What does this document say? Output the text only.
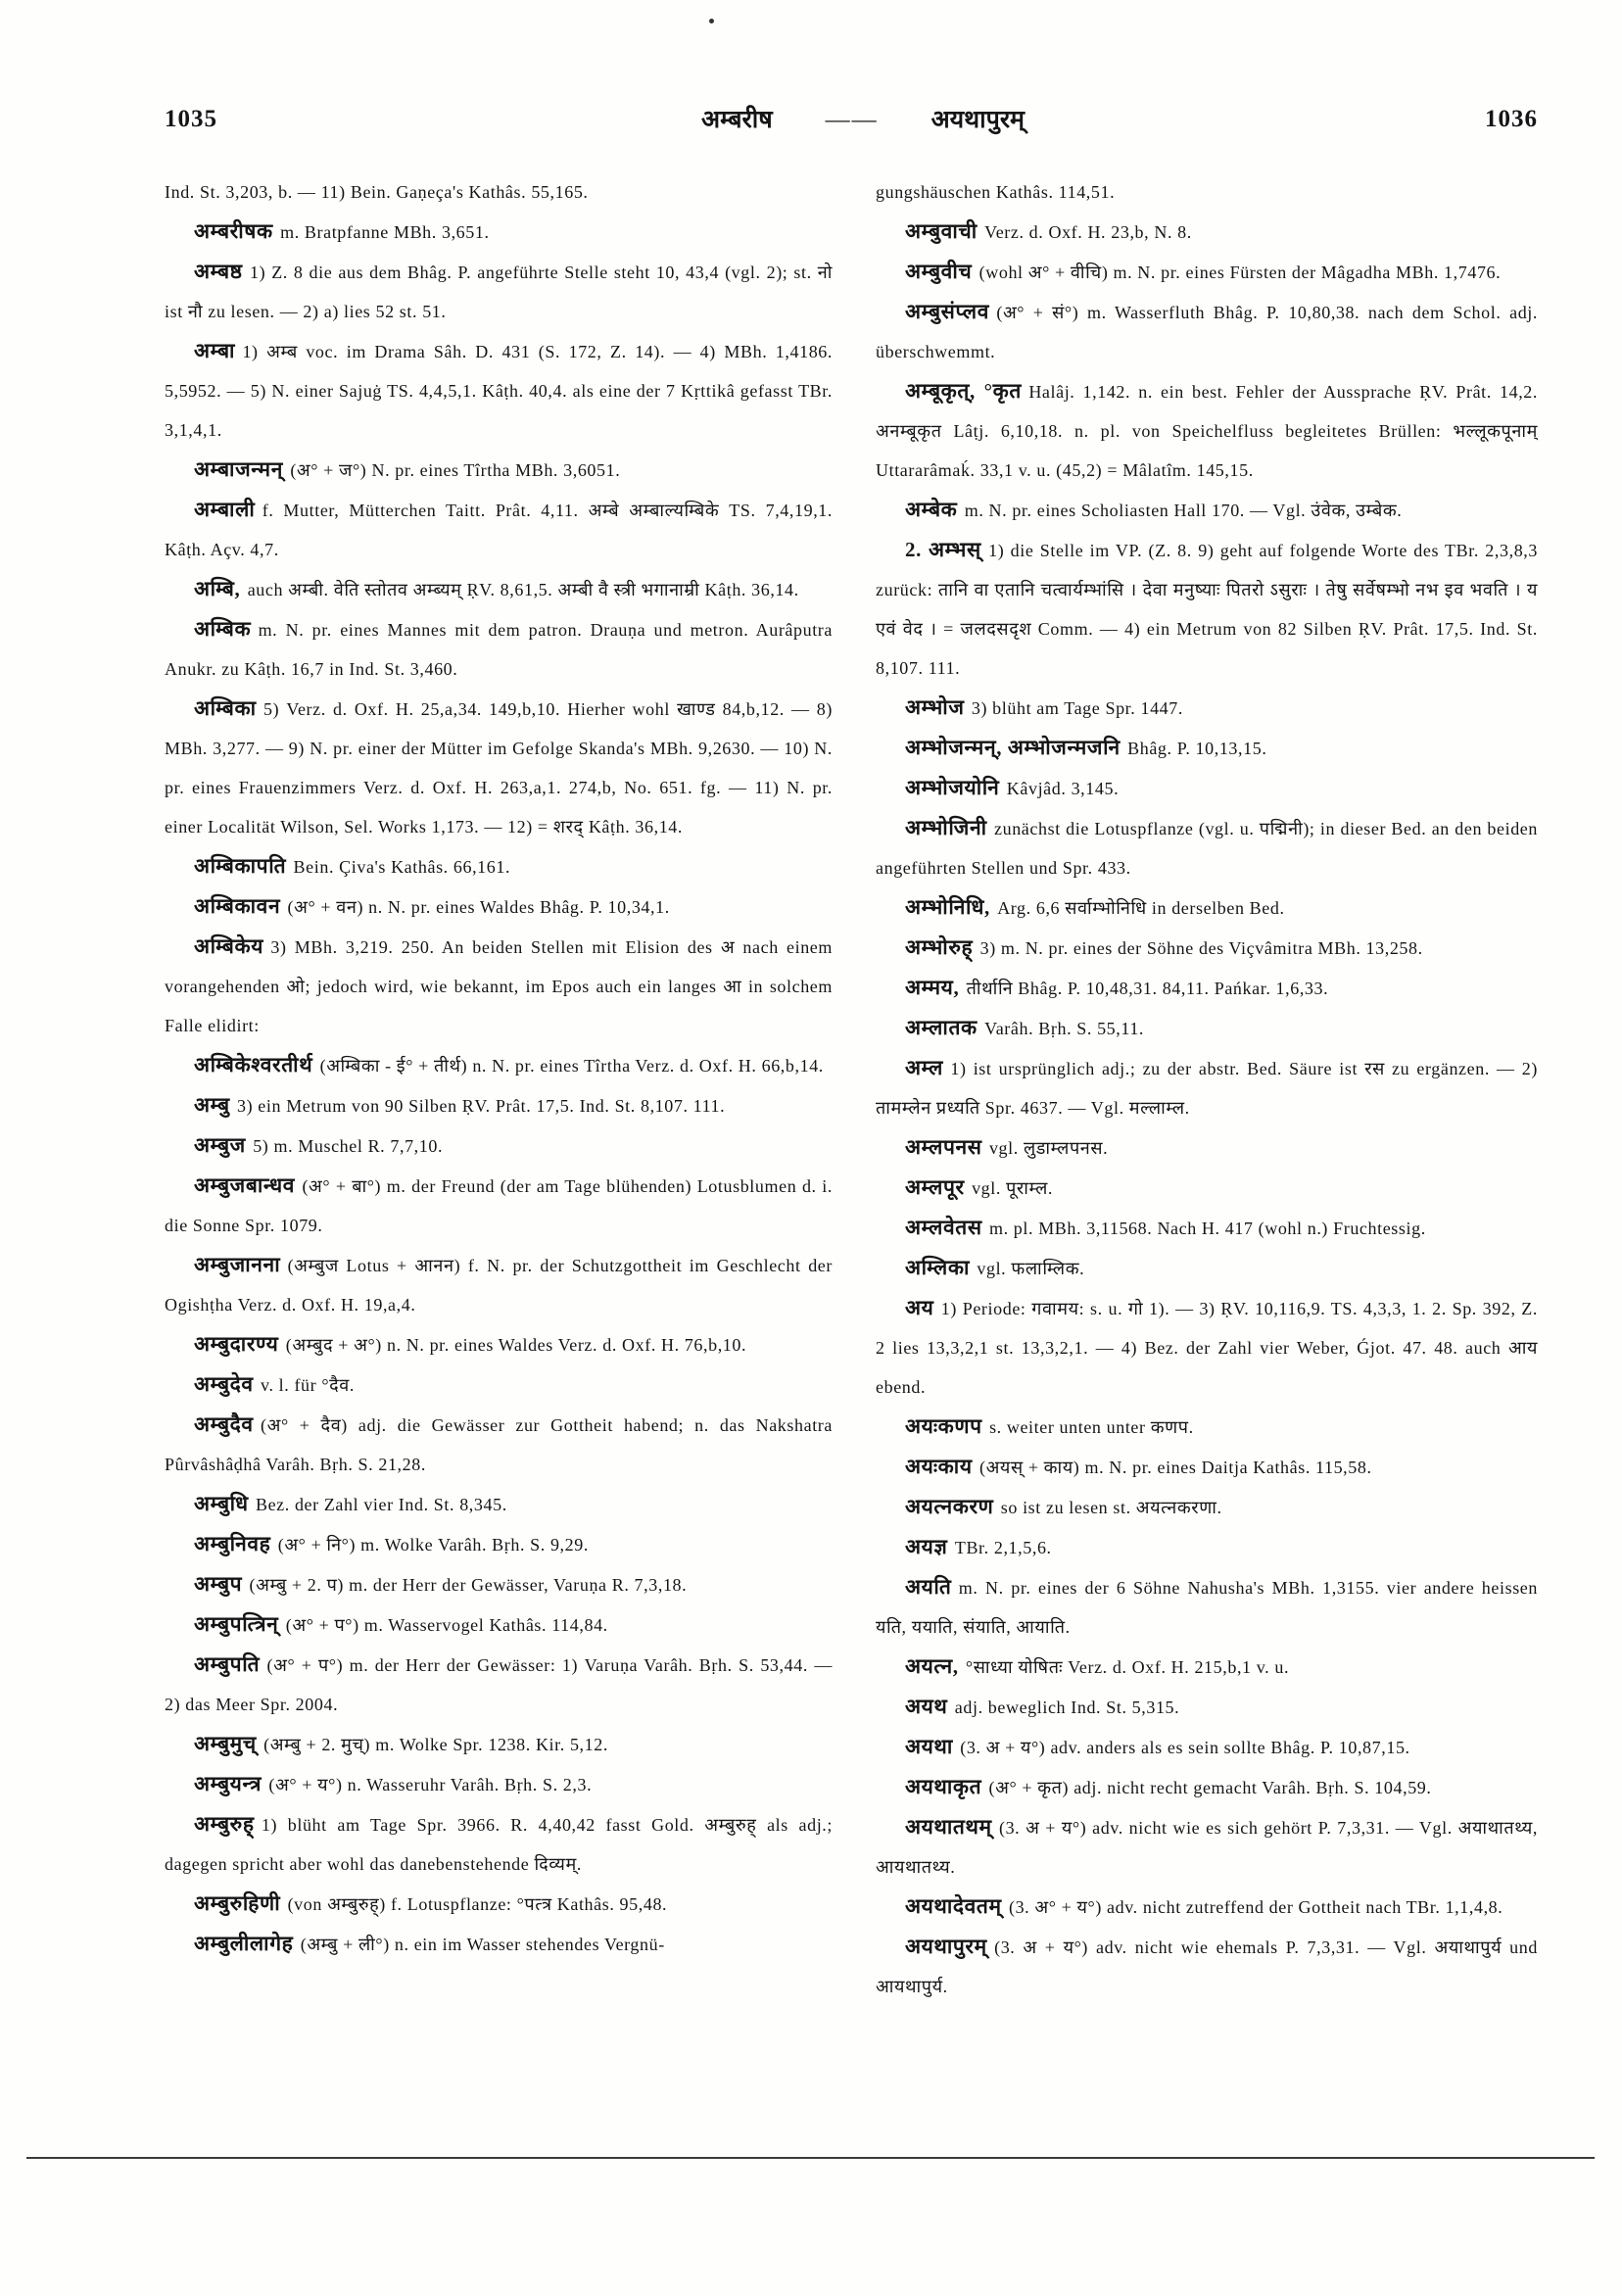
1035	अम्बरीष —— अयथापुरम्	1036

Ind. St. 3,203, b. — 11) Bein. Gaṇeça's Kathâs. 55,165.

अम्बरीषक m. Bratpfanne MBh. 3,651.

अम्बष्ठ 1) Z. 8 die aus dem Bhâg. P. angeführte Stelle steht 10, 43,4 (vgl. 2); st. नो ist नौ zu lesen. — 2) a) lies 52 st. 51.

अम्बा 1) अम्ब voc. im Drama Sâh. D. 431 (S. 172, Z. 14). — 4) MBh. 1,4186. 5,5952. — 5) N. einer Sajuġ TS. 4,4,5,1. Kâṭh. 40,4. als eine der 7 Kṛttikâ gefasst TBr. 3,1,4,1.

अम्बाजन्मन् (अ° + ज°) N. pr. eines Tîrtha MBh. 3,6051.

अम्बाली f. Mutter, Mütterchen Taitt. Prât. 4,11. अम्बे अम्बाल्यम्बिके TS. 7,4,19,1. Kâṭh. Açv. 4,7.

अम्बि, auch अम्बी. वेति स्तोतव अम्ब्यम् ṚV. 8,61,5. अम्बी वै स्त्री भगानाम्री Kâṭh. 36,14.

अम्बिक m. N. pr. eines Mannes mit dem patron. Drauṇa und metron. Aurâputra Anukr. zu Kâṭh. 16,7 in Ind. St. 3,460.

अम्बिका 5) Verz. d. Oxf. H. 25,a,34. 149,b,10. Hierher wohl खाण्ड 84,b,12. — 8) MBh. 3,277. — 9) N. pr. einer der Mütter im Gefolge Skanda's MBh. 9,2630. — 10) N. pr. eines Frauenzimmers Verz. d. Oxf. H. 263,a,1. 274,b, No. 651. fg. — 11) N. pr. einer Localität Wilson, Sel. Works 1,173. — 12) = शरद् Kâṭh. 36,14.

अम्बिकापति Bein. Çiva's Kathâs. 66,161.

अम्बिकावन (अ° + वन) n. N. pr. eines Waldes Bhâg. P. 10,34,1.

अम्बिकेय 3) MBh. 3,219. 250. An beiden Stellen mit Elision des अ nach einem vorangehenden ओ; jedoch wird, wie bekannt, im Epos auch ein langes आ in solchem Falle elidirt:

अम्बिकेश्वरतीर्थ (अम्बिका - ई° + तीर्थ) n. N. pr. eines Tîrtha Verz. d. Oxf. H. 66,b,14.

अम्बु 3) ein Metrum von 90 Silben ṚV. Prât. 17,5. Ind. St. 8,107. 111.

अम्बुज 5) m. Muschel R. 7,7,10.

अम्बुजबान्धव (अ° + बा°) m. der Freund (der am Tage blühenden) Lotusblumen d. i. die Sonne Spr. 1079.

अम्बुजानना (अम्बुज Lotus + आनन) f. N. pr. der Schutzgottheit im Geschlecht der Ogishṭha Verz. d. Oxf. H. 19,a,4.

अम्बुदारण्य (अम्बुद + अ°) n. N. pr. eines Waldes Verz. d. Oxf. H. 76,b,10.

अम्बुदेव v. l. für °दैव.

अम्बुदैव (अ° + दैव) adj. die Gewässer zur Gottheit habend; n. das Nakshatra Pûrvâshâḍhâ Varâh. Bṛh. S. 21,28.

अम्बुधि Bez. der Zahl vier Ind. St. 8,345.

अम्बुनिवह (अ° + नि°) m. Wolke Varâh. Bṛh. S. 9,29.

अम्बुप (अम्बु + 2. प) m. der Herr der Gewässer, Varuṇa R. 7,3,18.

अम्बुपत्त्रिन् (अ° + प°) m. Wasservogel Kathâs. 114,84.

अम्बुपति (अ° + प°) m. der Herr der Gewässer: 1) Varuṇa Varâh. Bṛh. S. 53,44. — 2) das Meer Spr. 2004.

अम्बुमुच् (अम्बु + 2. मुच्) m. Wolke Spr. 1238. Kir. 5,12.

अम्बुयन्त्र (अ° + य°) n. Wasseruhr Varâh. Bṛh. S. 2,3.

अम्बुरुह् 1) blüht am Tage Spr. 3966. R. 4,40,42 fasst Gold. अम्बुरुह् als adj.; dagegen spricht aber wohl das danebenstehende दिव्यम्.

अम्बुरुहिणी (von अम्बुरुह्) f. Lotuspflanze: °पत्त्र Kathâs. 95,48.

अम्बुलीलागेह (अम्बु + ली°) n. ein im Wasser stehendes Vergnü-

gungshäuschen Kathâs. 114,51.

अम्बुवाची Verz. d. Oxf. H. 23,b, N. 8.

अम्बुवीच (wohl अ° + वीचि) m. N. pr. eines Fürsten der Mâgadha MBh. 1,7476.

अम्बुसंप्लव (अ° + सं°) m. Wasserfluth Bhâg. P. 10,80,38. nach dem Schol. adj. überschwemmt.

अम्बूकृत्, °कृत Halâj. 1,142. n. ein best. Fehler der Aussprache ṚV. Prât. 14,2. अनम्बूकृत Lâṭj. 6,10,18. n. pl. von Speichelfluss begleitetes Brüllen: भल्लूकपूनाम् Uttararâmaḱ. 33,1 v. u. (45,2) = Mâlatîm. 145,15.

अम्बेक m. N. pr. eines Scholiasten Hall 170. — Vgl. उंवेक, उम्बेक.

2. अम्भस् 1) die Stelle im VP. (Z. 8. 9) geht auf folgende Worte des TBr. 2,3,8,3 zurück: तानि वा एतानि चत्वार्यम्भांसि । देवा मनुष्याः पितरो ऽसुराः । तेषु सर्वेषम्भो नभ इव भवति । य एवं वेद । = जलदसदृश Comm. — 4) ein Metrum von 82 Silben ṚV. Prât. 17,5. Ind. St. 8,107. 111.

अम्भोज 3) blüht am Tage Spr. 1447.

अम्भोजन्मन्, अम्भोजन्मजनि Bhâg. P. 10,13,15.

अम्भोजयोनि Kâvjâd. 3,145.

अम्भोजिनी zunächst die Lotuspflanze (vgl. u. पद्मिनी); in dieser Bed. an den beiden angeführten Stellen und Spr. 433.

अम्भोनिधि, Arg. 6,6 सर्वाम्भोनिधि in derselben Bed.

अम्भोरुह् 3) m. N. pr. eines der Söhne des Viçvâmitra MBh. 13,258.

अम्मय, तीर्थानि Bhâg. P. 10,48,31. 84,11. Pańkar. 1,6,33.

अम्लातक Varâh. Bṛh. S. 55,11.

अम्ल 1) ist ursprünglich adj.; zu der abstr. Bed. Säure ist रस zu ergänzen. — 2) तामम्लेन प्रध्यति Spr. 4637. — Vgl. मल्लाम्ल.

अम्लपनस vgl. लुडाम्लपनस.

अम्लपूर vgl. पूराम्ल.

अम्लवेतस m. pl. MBh. 3,11568. Nach H. 417 (wohl n.) Fruchtessig.

अम्लिका vgl. फलाम्लिक.

अय 1) Periode: गवामय: s. u. गो 1). — 3) ṚV. 10,116,9. TS. 4,3,3, 1. 2. Sp. 392, Z. 2 lies 13,3,2,1 st. 13,3,2,1. — 4) Bez. der Zahl vier Weber, Ǵjot. 47. 48. auch आय ebend.

अयःकणप s. weiter unten unter कणप.

अयःकाय (अयस् + काय) m. N. pr. eines Daitja Kathâs. 115,58.

अयत्नकरण so ist zu lesen st. अयत्नकरणा.

अयज्ञ TBr. 2,1,5,6.

अयति m. N. pr. eines der 6 Söhne Nahusha's MBh. 1,3155. vier andere heissen यति, ययाति, संयाति, आयाति.

अयत्न, °साध्या योषितः Verz. d. Oxf. H. 215,b,1 v. u.

अयथ adj. beweglich Ind. St. 5,315.

अयथा (3. अ + य°) adv. anders als es sein sollte Bhâg. P. 10,87,15.

अयथाकृत (अ° + कृत) adj. nicht recht gemacht Varâh. Bṛh. S. 104,59.

अयथातथम् (3. अ + य°) adv. nicht wie es sich gehört P. 7,3,31. — Vgl. अयाथातथ्य, आयथातथ्य.

अयथादेवतम् (3. अ° + य°) adv. nicht zutreffend der Gottheit nach TBr. 1,1,4,8.

अयथापुरम् (3. अ + य°) adv. nicht wie ehemals P. 7,3,31. — Vgl. अयाथापुर्य und आयथापुर्य.
